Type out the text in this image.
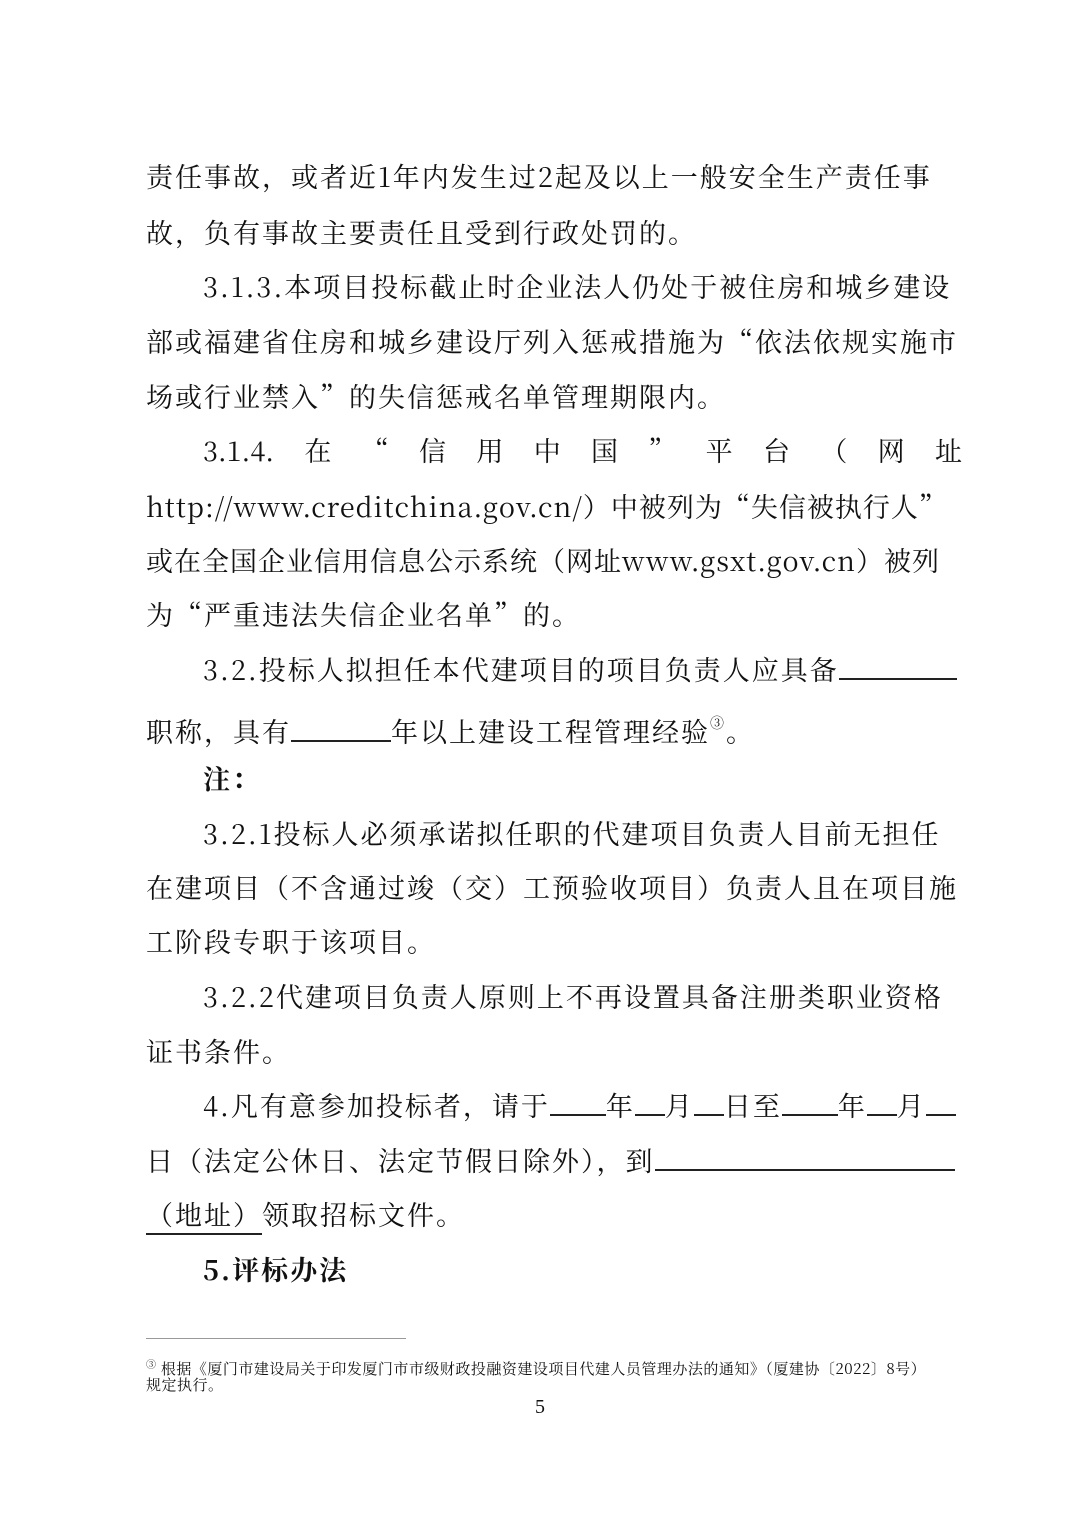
责任事故，或者近1年内发生过2起及以上一般安全生产责任事
故，负有事故主要责任且受到行政处罚的。
3.1.3.本项目投标截止时企业法人仍处于被住房和城乡建设
部或福建省住房和城乡建设厅列入惩戒措施为“依法依规实施市
场或行业禁入”的失信惩戒名单管理期限内。
3.1.4. 在 “ 信 用 中 国 ” 平 台 （ 网 址
http://www.creditchina.gov.cn/）中被列为“失信被执行人”
或在全国企业信用信息公示系统（网址www.gsxt.gov.cn）被列
为“严重违法失信企业名单”的。
3.2.投标人拟担任本代建项目的项目负责人应具备
职称，具有	年以上建设工程管理经验③。
注：
3.2.1投标人必须承诺拟任职的代建项目负责人目前无担任
在建项目（不含通过竣（交）工预验收项目）负责人且在项目施
工阶段专职于该项目。
3.2.2代建项目负责人原则上不再设置具备注册类职业资格
证书条件。
4.凡有意参加投标者，请于 年 月 日至 年 月
日（法定公休日、法定节假日除外），到
（地址）领取招标文件。
5.评标办法
③ 根据《厦门市建设局关于印发厦门市市级财政投融资建设项目代建人员管理办法的通知》（厦建协〔2022〕8号）
规定执行。
5
